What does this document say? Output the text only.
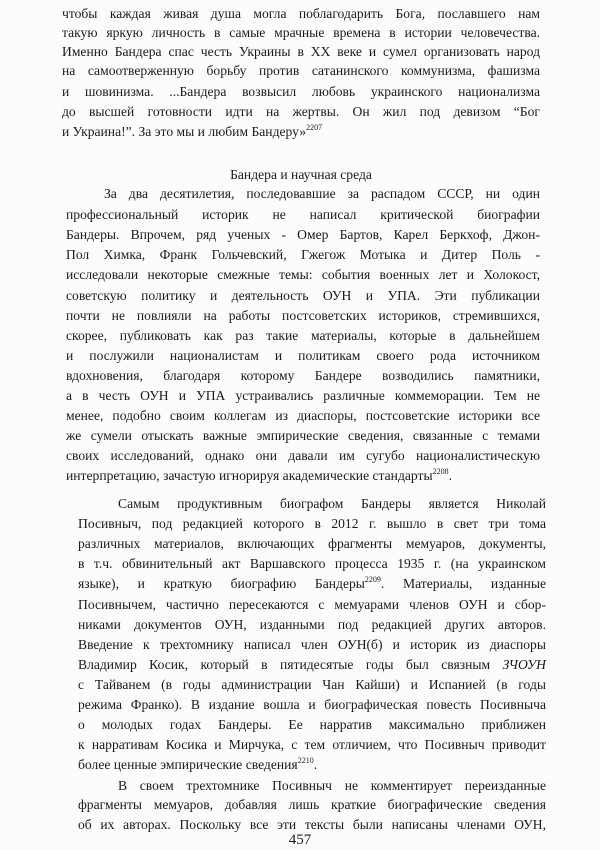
чтобы каждая живая душа могла поблагодарить Бога, пославшего нам
такую яркую личность в самые мрачные времена в истории человечества.
Именно Бандера спас честь Украины в XX веке и сумел организовать народ
на самоотверженную борьбу против сатанинского коммунизма, фашизма
и шовинизма. ...Бандера возвысил любовь украинского национализма
до высшей готовности идти на жертвы. Он жил под девизом “Бог
и Украина!”. За это мы и любим Бандеру»$^{2207}$
Бандера и научная среда
За два десятилетия, последовавшие за распадом СССР, ни один
профессиональный историк не написал критической биографии
Бандеры. Впрочем, ряд ученых - Омер Бартов, Карел Беркхоф, Джон-
Пол Химка, Франк Гольчевский, Гжегож Мотыка и Дитер Поль -
исследовали некоторые смежные темы: события военных лет и Холокост,
советскую политику и деятельность ОУН и УПА. Эти публикации
почти не повлияли на работы постсоветских историков, стремившихся,
скорее, публиковать как раз такие материалы, которые в дальнейшем
и послужили националистам и политикам своего рода источником
вдохновения, благодаря которому Бандере возводились памятники,
а в честь ОУН и УПА устраивались различные коммеморации. Тем не
менее, подобно своим коллегам из диаспоры, постсоветские историки все
же сумели отыскать важные эмпирические сведения, связанные с темами
своих исследований, однако они давали им сугубо националистическую
интерпретацию, зачастую игнорируя академические стандарты$^{2208}$.
Самым продуктивным биографом Бандеры является Николай
Посивныч, под редакцией которого в 2012 г. вышло в свет три тома
различных материалов, включающих фрагменты мемуаров, документы,
в т.ч. обвинительный акт Варшавского процесса 1935 г. (на украинском
языке), и краткую биографию Бандеры$^{2209}$. Материалы, изданные
Посивнычем, частично пересекаются с мемуарами членов ОУН и сбор-
никами документов ОУН, изданными под редакцией других авторов.
Введение к трехтомнику написал член ОУН(б) и историк из диаспоры
Владимир Косик, который в пятидесятые годы был связным ЗЧОУН
с Тайванем (в годы администрации Чан Кайши) и Испанией (в годы
режима Франко). В издание вошла и биографическая повесть Посивныча
о молодых годах Бандеры. Ее нарратив максимально приближен
к нарративам Косика и Мирчука, с тем отличием, что Посивныч приводит
более ценные эмпирические сведения$^{2210}$.
В своем трехтомнике Посивныч не комментирует переизданные
фрагменты мемуаров, добавляя лишь краткие биографические сведения
об их авторах. Поскольку все эти тексты были написаны членами ОУН,
457
